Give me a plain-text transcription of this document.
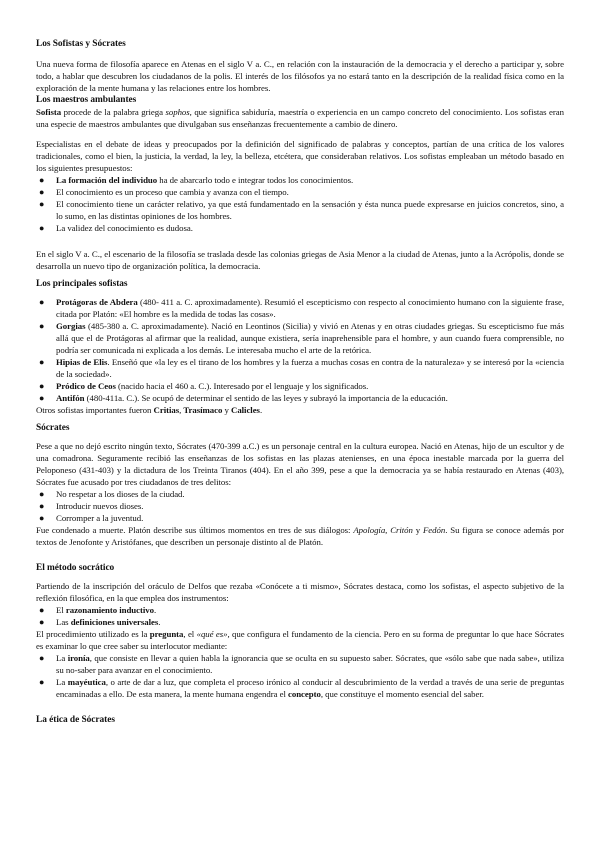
Los Sofistas y Sócrates

Una nueva forma de filosofía aparece en Atenas en el siglo V a. C., en relación con la instauración de la democracia y el derecho a participar y, sobre todo, a hablar que descubren los ciudadanos de la polis. El interés de los filósofos ya no estará tanto en la descripción de la realidad física como en la exploración de la mente humana y las relaciones entre los hombres.

Los maestros ambulantes

Sofista procede de la palabra griega sophos, que significa sabiduría, maestría o experiencia en un campo concreto del conocimiento. Los sofistas eran una especie de maestros ambulantes que divulgaban sus enseñanzas frecuentemente a cambio de dinero.

Especialistas en el debate de ideas y preocupados por la definición del significado de palabras y conceptos, partían de una crítica de los valores tradicionales, como el bien, la justicia, la verdad, la ley, la belleza, etcétera, que consideraban relativos. Los sofistas empleaban un método basado en los siguientes presupuestos:

● La formación del individuo ha de abarcarlo todo e integrar todos los conocimientos.
● El conocimiento es un proceso que cambia y avanza con el tiempo.
● El conocimiento tiene un carácter relativo, ya que está fundamentado en la sensación y ésta nunca puede expresarse en juicios concretos, sino, a lo sumo, en las distintas opiniones de los hombres.
● La validez del conocimiento es dudosa.

En el siglo V a. C., el escenario de la filosofía se traslada desde las colonias griegas de Asia Menor a la ciudad de Atenas, junto a la Acrópolis, donde se desarrolla un nuevo tipo de organización política, la democracia.

Los principales sofistas
● Protágoras de Abdera (480- 411 a. C. aproximadamente). Resumió el escepticismo con respecto al conocimiento humano con la siguiente frase, citada por Platón: «El hombre es la medida de todas las cosas».
● Gorgias (485-380 a. C. aproximadamente). Nació en Leontinos (Sicilia) y vivió en Atenas y en otras ciudades griegas. Su escepticismo fue más allá que el de Protágoras al afirmar que la realidad, aunque existiera, sería inaprehensible para el hombre, y aun cuando fuera comprensible, no podría ser comunicada ni explicada a los demás. Le interesaba mucho el arte de la retórica.
● Hipias de Elis. Enseñó que «la ley es el tirano de los hombres y la fuerza a muchas cosas en contra de la naturaleza» y se interesó por la «ciencia de la sociedad».
● Pródico de Ceos (nacido hacia el 460 a. C.). Interesado por el lenguaje y los significados.
● Antifón (480-411a. C.). Se ocupó de determinar el sentido de las leyes y subrayó la importancia de la educación.

Otros sofistas importantes fueron Critias, Trasímaco y Calicles.

Sócrates

Pese a que no dejó escrito ningún texto, Sócrates (470-399 a.C.) es un personaje central en la cultura europea. Nació en Atenas, hijo de un escultor y de una comadrona. Seguramente recibió las enseñanzas de los sofistas en las plazas atenienses, en una época inestable marcada por la guerra del Peloponeso (431-403) y la dictadura de los Treinta Tiranos (404). En el año 399, pese a que la democracia ya se había restaurado en Atenas (403), Sócrates fue acusado por tres ciudadanos de tres delitos:

● No respetar a los dioses de la ciudad.
● Introducir nuevos dioses.
● Corromper a la juventud.

Fue condenado a muerte. Platón describe sus últimos momentos en tres de sus diálogos: Apología, Critón y Fedón. Su figura se conoce además por textos de Jenofonte y Aristófanes, que describen un personaje distinto al de Platón.

El método socrático

Partiendo de la inscripción del oráculo de Delfos que rezaba «Conócete a ti mismo», Sócrates destaca, como los sofistas, el aspecto subjetivo de la reflexión filosófica, en la que emplea dos instrumentos:

● El razonamiento inductivo.
● Las definiciones universales.

El procedimiento utilizado es la pregunta, el «qué es», que configura el fundamento de la ciencia. Pero en su forma de preguntar lo que hace Sócrates es examinar lo que cree saber su interlocutor mediante:

● La ironía, que consiste en llevar a quien habla la ignorancia que se oculta en su supuesto saber. Sócrates, que «sólo sabe que nada sabe», utiliza su no-saber para avanzar en el conocimiento.
● La mayéutica, o arte de dar a luz, que completa el proceso irónico al conducir al descubrimiento de la verdad a través de una serie de preguntas encaminadas a ello. De esta manera, la mente humana engendra el concepto, que constituye el momento esencial del saber.
La ética de Sócrates
